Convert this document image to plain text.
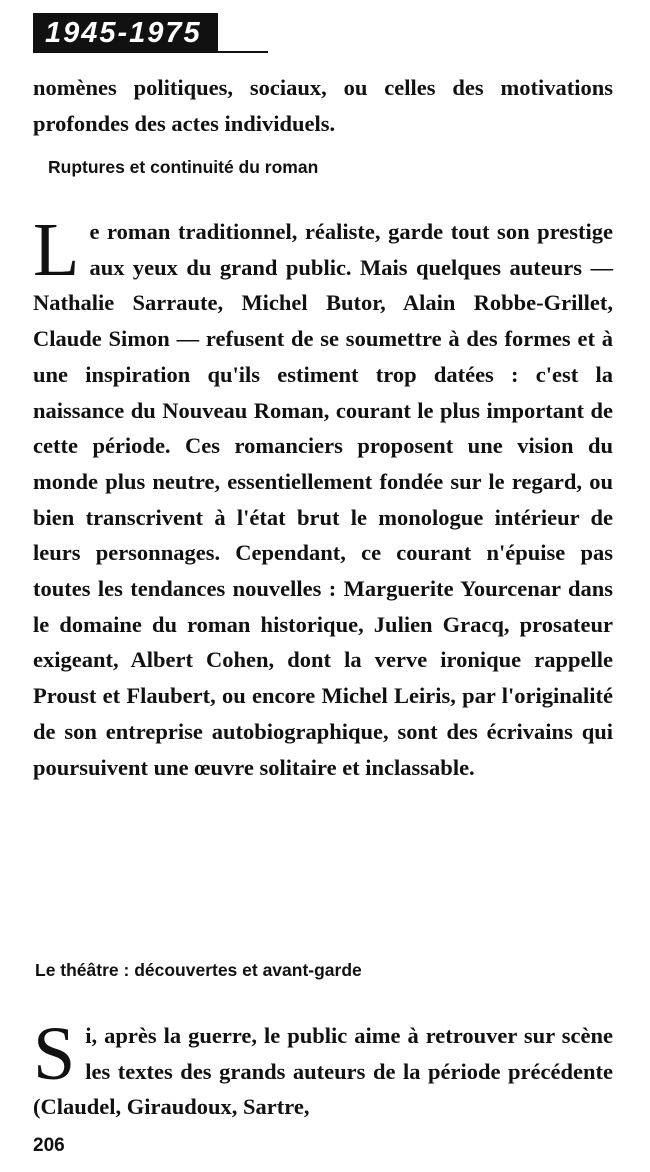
1945-1975

nomènes politiques, sociaux, ou celles des motivations profondes des actes individuels.

Ruptures et continuité du roman

L e roman traditionnel, réaliste, garde tout son prestige aux yeux du grand public. Mais quelques auteurs — Nathalie Sarraute, Michel Butor, Alain Robbe-Grillet, Claude Simon — refusent de se soumettre à des formes et à une inspiration qu'ils estiment trop datées : c'est la naissance du Nouveau Roman, courant le plus important de cette période. Ces romanciers proposent une vision du monde plus neutre, essentiellement fondée sur le regard, ou bien transcrivent à l'état brut le monologue intérieur de leurs personnages. Cependant, ce courant n'épuise pas toutes les tendances nouvelles : Marguerite Yourcenar dans le domaine du roman historique, Julien Gracq, prosateur exigeant, Albert Cohen, dont la verve ironique rappelle Proust et Flaubert, ou encore Michel Leiris, par l'originalité de son entreprise autobiographique, sont des écrivains qui poursuivent une œuvre solitaire et inclassable.

Le théâtre : découvertes et avant-garde

S i, après la guerre, le public aime à retrouver sur scène les textes des grands auteurs de la période précédente (Claudel, Giraudoux, Sartre,

206
